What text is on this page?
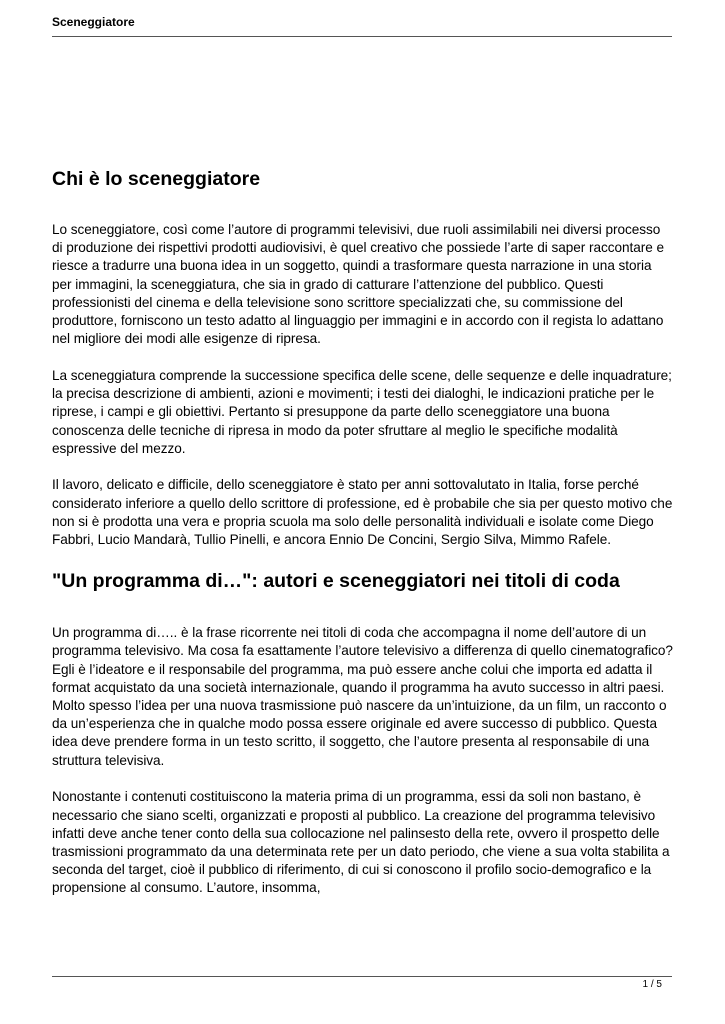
Sceneggiatore
Chi è lo sceneggiatore

Lo sceneggiatore, così come l’autore di programmi televisivi, due ruoli assimilabili nei diversi processo di produzione dei rispettivi prodotti audiovisivi, è quel creativo che possiede l’arte di saper raccontare e riesce a tradurre una buona idea in un soggetto, quindi a trasformare questa narrazione in una storia per immagini, la sceneggiatura, che sia in grado di catturare l’attenzione del pubblico. Questi professionisti del cinema e della televisione sono scrittore specializzati che, su commissione del produttore, forniscono un testo adatto al linguaggio per immagini e in accordo con il regista lo adattano nel migliore dei modi alle esigenze di ripresa.

La sceneggiatura comprende la successione specifica delle scene, delle sequenze e delle inquadrature; la precisa descrizione di ambienti, azioni e movimenti; i testi dei dialoghi, le indicazioni pratiche per le riprese, i campi e gli obiettivi. Pertanto si presuppone da parte dello sceneggiatore una buona conoscenza delle tecniche di ripresa in modo da poter sfruttare al meglio le specifiche modalità espressive del mezzo.

Il lavoro, delicato e difficile, dello sceneggiatore è stato per anni sottovalutato in Italia, forse perché considerato inferiore a quello dello scrittore di professione, ed è probabile che sia per questo motivo che non si è prodotta una vera e propria scuola ma solo delle personalità individuali e isolate come Diego Fabbri, Lucio Mandarà, Tullio Pinelli, e ancora Ennio De Concini, Sergio Silva, Mimmo Rafele.

"Un programma di…": autori e sceneggiatori nei titoli di coda

Un programma di….. è la frase ricorrente nei titoli di coda che accompagna il nome dell’autore di un programma televisivo. Ma cosa fa esattamente l’autore televisivo a differenza di quello cinematografico? Egli è l’ideatore e il responsabile del programma, ma può essere anche colui che importa ed adatta il format acquistato da una società internazionale, quando il programma ha avuto successo in altri paesi. Molto spesso l’idea per una nuova trasmissione può nascere da un’intuizione, da un film, un racconto o da un’esperienza che in qualche modo possa essere originale ed avere successo di pubblico. Questa idea deve prendere forma in un testo scritto, il soggetto, che l’autore presenta al responsabile di una struttura televisiva.

Nonostante i contenuti costituiscono la materia prima di un programma, essi da soli non bastano, è necessario che siano scelti, organizzati e proposti al pubblico. La creazione del programma televisivo infatti deve anche tener conto della sua collocazione nel palinsesto della rete, ovvero il prospetto delle trasmissioni programmato da una determinata rete per un dato periodo, che viene a sua volta stabilita a seconda del target, cioè il pubblico di riferimento, di cui si conoscono il profilo socio-demografico e la propensione al consumo. L’autore, insomma,

1 / 5
